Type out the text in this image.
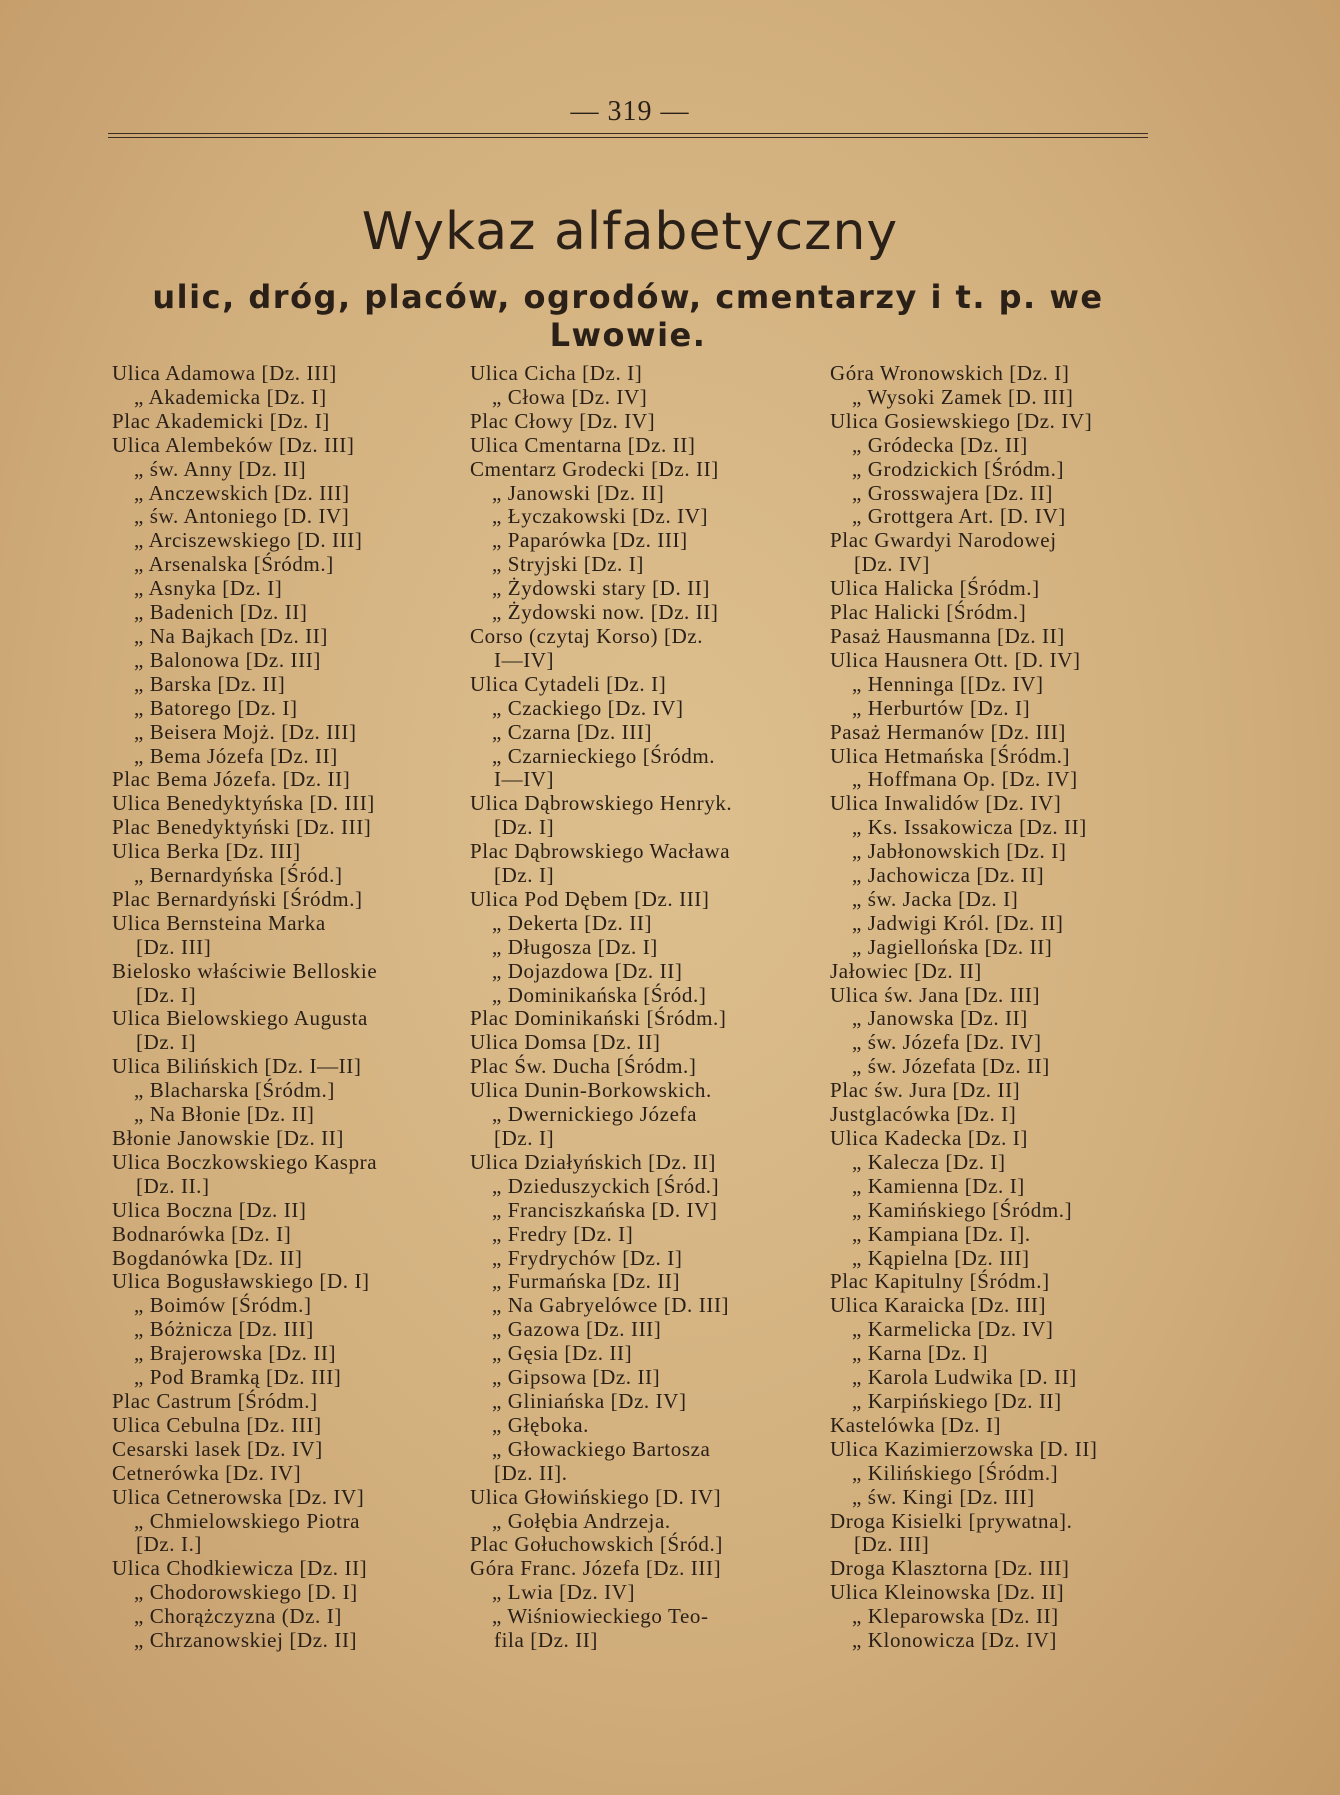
— 319 —
Wykaz alfabetyczny
ulic, dróg, placów, ogrodów, cmentarzy i t. p. we Lwowie.
Ulica Adamowa [Dz. III]
„ Akademicka [Dz. I]
Plac Akademicki [Dz. I]
Ulica Alembeków [Dz. III]
„ św. Anny [Dz. II]
„ Anczewskich [Dz. III]
„ św. Antoniego [D. IV]
„ Arciszewskiego [D. III]
„ Arsenalska [Śródm.]
„ Asnyka [Dz. I]
„ Badenich [Dz. II]
„ Na Bajkach [Dz. II]
„ Balonowa [Dz. III]
„ Barska [Dz. II]
„ Batorego [Dz. I]
„ Beisera Mojż. [Dz. III]
„ Bema Józefa [Dz. II]
Plac Bema Józefa. [Dz. II]
Ulica Benedyktyńska [D. III]
Plac Benedyktyński [Dz. III]
Ulica Berka [Dz. III]
„ Bernardyńska [Śród.]
Plac Bernardyński [Śródm.]
Ulica Bernsteina Marka
[Dz. III]
Bielosko właściwie Belloskie
[Dz. I]
Ulica Bielowskiego Augusta
[Dz. I]
Ulica Bilińskich [Dz. I—II]
„ Blacharska [Śródm.]
„ Na Błonie [Dz. II]
Błonie Janowskie [Dz. II]
Ulica Boczkowskiego Kaspra
[Dz. II.]
Ulica Boczna [Dz. II]
Bodnarówka [Dz. I]
Bogdanówka [Dz. II]
Ulica Bogusławskiego [D. I]
„ Boimów [Śródm.]
„ Bóżnicza [Dz. III]
„ Brajerowska [Dz. II]
„ Pod Bramką [Dz. III]
Plac Castrum [Śródm.]
Ulica Cebulna [Dz. III]
Cesarski lasek [Dz. IV]
Cetnerówka [Dz. IV]
Ulica Cetnerowska [Dz. IV]
„ Chmielowskiego Piotra
[Dz. I.]
Ulica Chodkiewicza [Dz. II]
„ Chodorowskiego [D. I]
„ Chorążczyzna (Dz. I]
„ Chrzanowskiej [Dz. II]
Ulica Cicha [Dz. I]
„ Cłowa [Dz. IV]
Plac Cłowy [Dz. IV]
Ulica Cmentarna [Dz. II]
Cmentarz Grodecki [Dz. II]
„ Janowski [Dz. II]
„ Łyczakowski [Dz. IV]
„ Paparówka [Dz. III]
„ Stryjski [Dz. I]
„ Żydowski stary [D. II]
„ Żydowski now. [Dz. II]
Corso (czytaj Korso) [Dz.
I—IV]
Ulica Cytadeli [Dz. I]
„ Czackiego [Dz. IV]
„ Czarna [Dz. III]
„ Czarnieckiego [Śródm.
I—IV]
Ulica Dąbrowskiego Henryk.
[Dz. I]
Plac Dąbrowskiego Wacława
[Dz. I]
Ulica Pod Dębem [Dz. III]
„ Dekerta [Dz. II]
„ Długosza [Dz. I]
„ Dojazdowa [Dz. II]
„ Dominikańska [Śród.]
Plac Dominikański [Śródm.]
Ulica Domsa [Dz. II]
Plac Św. Ducha [Śródm.]
Ulica Dunin-Borkowskich.
„ Dwernickiego Józefa
[Dz. I]
Ulica Działyńskich [Dz. II]
„ Dzieduszyckich [Śród.]
„ Franciszkańska [D. IV]
„ Fredry [Dz. I]
„ Frydrychów [Dz. I]
„ Furmańska [Dz. II]
„ Na Gabryelówce [D. III]
„ Gazowa [Dz. III]
„ Gęsia [Dz. II]
„ Gipsowa [Dz. II]
„ Gliniańska [Dz. IV]
„ Głęboka.
„ Głowackiego Bartosza
[Dz. II].
Ulica Głowińskiego [D. IV]
„ Gołębia Andrzeja.
Plac Gołuchowskich [Śród.]
Góra Franc. Józefa [Dz. III]
„ Lwia [Dz. IV]
„ Wiśniowieckiego Teo-
fila [Dz. II]
Góra Wronowskich [Dz. I]
„ Wysoki Zamek [D. III]
Ulica Gosiewskiego [Dz. IV]
„ Gródecka [Dz. II]
„ Grodzickich [Śródm.]
„ Grosswajera [Dz. II]
„ Grottgera Art. [D. IV]
Plac Gwardyi Narodowej
[Dz. IV]
Ulica Halicka [Śródm.]
Plac Halicki [Śródm.]
Pasaż Hausmanna [Dz. II]
Ulica Hausnera Ott. [D. IV]
„ Henninga [[Dz. IV]
„ Herburtów [Dz. I]
Pasaż Hermanów [Dz. III]
Ulica Hetmańska [Śródm.]
„ Hoffmana Op. [Dz. IV]
Ulica Inwalidów [Dz. IV]
„ Ks. Issakowicza [Dz. II]
„ Jabłonowskich [Dz. I]
„ Jachowicza [Dz. II]
„ św. Jacka [Dz. I]
„ Jadwigi Król. [Dz. II]
„ Jagiellońska [Dz. II]
Jałowiec [Dz. II]
Ulica św. Jana [Dz. III]
„ Janowska [Dz. II]
„ św. Józefa [Dz. IV]
„ św. Józefata [Dz. II]
Plac św. Jura [Dz. II]
Justglacówka [Dz. I]
Ulica Kadecka [Dz. I]
„ Kalecza [Dz. I]
„ Kamienna [Dz. I]
„ Kamińskiego [Śródm.]
„ Kampiana [Dz. I].
„ Kąpielna [Dz. III]
Plac Kapitulny [Śródm.]
Ulica Karaicka [Dz. III]
„ Karmelicka [Dz. IV]
„ Karna [Dz. I]
„ Karola Ludwika [D. II]
„ Karpińskiego [Dz. II]
Kastelówka [Dz. I]
Ulica Kazimierzowska [D. II]
„ Kilińskiego [Śródm.]
„ św. Kingi [Dz. III]
Droga Kisielki [prywatna].
[Dz. III]
Droga Klasztorna [Dz. III]
Ulica Kleinowska [Dz. II]
„ Kleparowska [Dz. II]
„ Klonowicza [Dz. IV]
